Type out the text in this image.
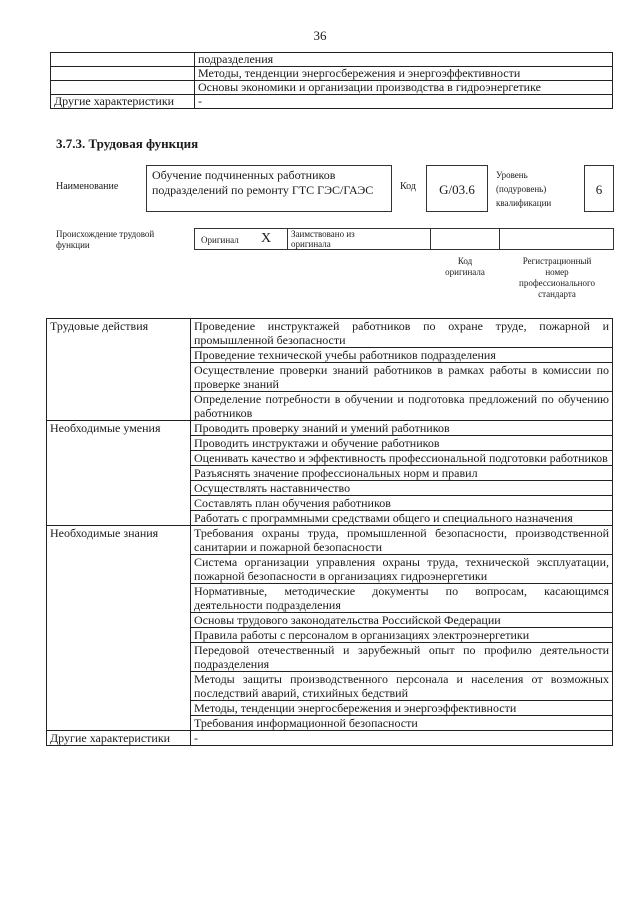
36
	подразделения
	Методы, тенденции энергосбережения и энергоэффективности
	Основы экономики и организации производства в гидроэнергетике
Другие характеристики	-
3.7.3. Трудовая функция
Наименование
Обучение подчиненных работников подразделений по ремонту ГТС ГЭС/ГАЭС	Код	G/03.6
Уровень
(подуровень)
квалификации
6
Происхождение трудовой
функции	Оригинал X Заимствовано из
оригинала
Код
оригинала
Регистрационный
номер
профессионального
стандарта
Трудовые действия	Проведение инструктажей работников по охране труде, пожарной и промышленной безопасности
	Проведение технической учебы работников подразделения
	Осуществление проверки знаний работников в рамках работы в комиссии по проверке знаний
	Определение потребности в обучении и подготовка предложений по обучению работников
Необходимые умения	Проводить проверку знаний и умений работников
	Проводить инструктажи и обучение работников
	Оценивать качество и эффективность профессиональной подготовки работников
	Разъяснять значение профессиональных норм и правил
	Осуществлять наставничество
	Составлять план обучения работников
	Работать с программными средствами общего и специального назначения
Необходимые знания	Требования охраны труда, промышленной безопасности, производственной санитарии и пожарной безопасности
	Система организации управления охраны труда, технической эксплуатации, пожарной безопасности в организациях гидроэнергетики
	Нормативные, методические документы по вопросам, касающимся деятельности подразделения
	Основы трудового законодательства Российской Федерации
	Правила работы с персоналом в организациях электроэнергетики
	Передовой отечественный и зарубежный опыт по профилю деятельности подразделения
	Методы защиты производственного персонала и населения от возможных последствий аварий, стихийных бедствий
	Методы, тенденции энергосбережения и энергоэффективности
	Требования информационной безопасности
Другие характеристики	-
